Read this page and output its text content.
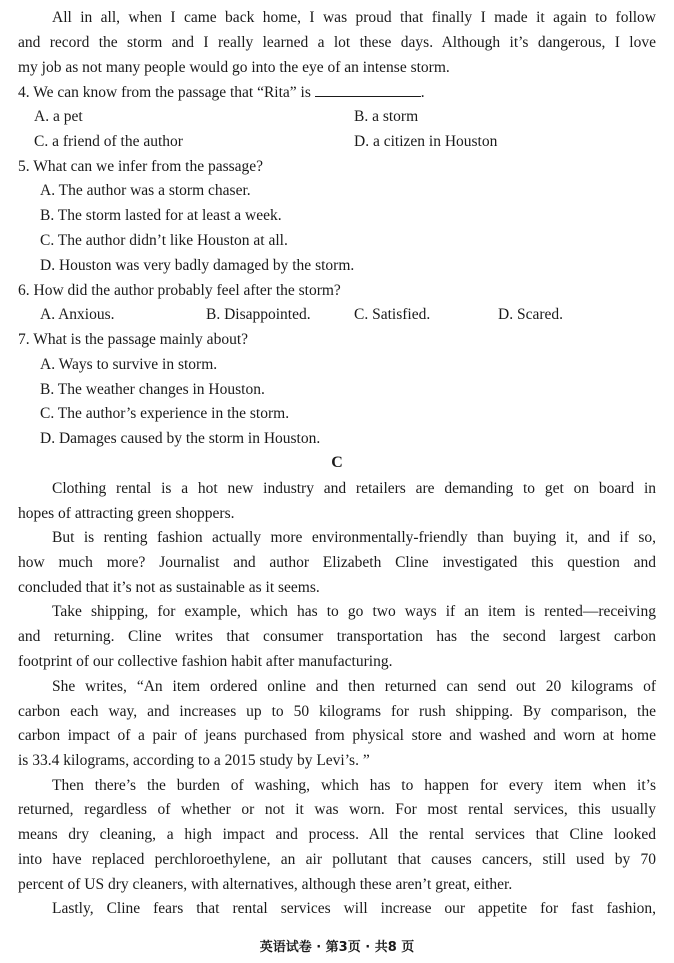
All in all, when I came back home, I was proud that finally I made it again to follow
and record the storm and I really learned a lot these days. Although it’s dangerous, I love
my job as not many people would go into the eye of an intense storm.
4. We can know from the passage that “Rita” is	.
A. a pet	B. a storm
C. a friend of the author	D. a citizen in Houston
5. What can we infer from the passage?
A. The author was a storm chaser.
B. The storm lasted for at least a week.
C. The author didn’t like Houston at all.
D. Houston was very badly damaged by the storm.
6. How did the author probably feel after the storm?
A. Anxious.	B. Disappointed.	C. Satisfied.	D. Scared.
7. What is the passage mainly about?
A. Ways to survive in storm.
B. The weather changes in Houston.
C. The author’s experience in the storm.
D. Damages caused by the storm in Houston.
C
Clothing rental is a hot new industry and retailers are demanding to get on board in
hopes of attracting green shoppers.
But is renting fashion actually more environmentally-friendly than buying it, and if so,
how much more? Journalist and author Elizabeth Cline investigated this question and
concluded that it’s not as sustainable as it seems.
Take shipping, for example, which has to go two ways if an item is rented—receiving
and returning. Cline writes that consumer transportation has the second largest carbon
footprint of our collective fashion habit after manufacturing.
She writes, “An item ordered online and then returned can send out 20 kilograms of
carbon each way, and increases up to 50 kilograms for rush shipping. By comparison, the
carbon impact of a pair of jeans purchased from physical store and washed and worn at home
is 33.4 kilograms, according to a 2015 study by Levi’s. ”
Then there’s the burden of washing, which has to happen for every item when it’s
returned, regardless of whether or not it was worn. For most rental services, this usually
means dry cleaning, a high impact and process. All the rental services that Cline looked
into have replaced perchloroethylene, an air pollutant that causes cancers, still used by 70
percent of US dry cleaners, with alternatives, although these aren’t great, either.
Lastly, Cline fears that rental services will increase our appetite for fast fashion,
英语试卷 · 第3页 · 共8 页
